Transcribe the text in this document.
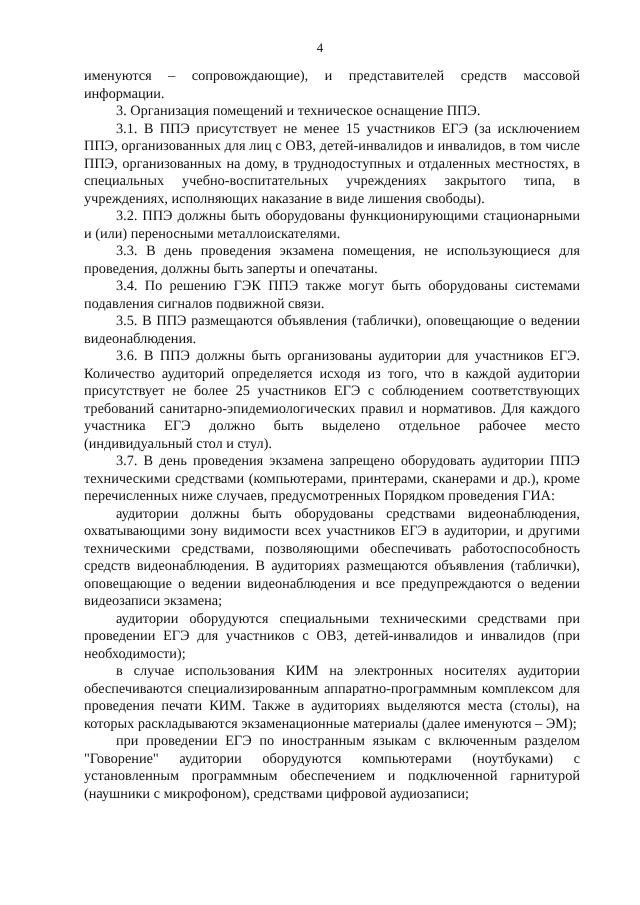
4

именуются – сопровождающие), и представителей средств массовой информации.

3. Организация помещений и техническое оснащение ППЭ.

3.1. В ППЭ присутствует не менее 15 участников ЕГЭ (за исключением ППЭ, организованных для лиц с ОВЗ, детей-инвалидов и инвалидов, в том числе ППЭ, организованных на дому, в труднодоступных и отдаленных местностях, в специальных учебно-воспитательных учреждениях закрытого типа, в учреждениях, исполняющих наказание в виде лишения свободы).

3.2. ППЭ должны быть оборудованы функционирующими стационарными и (или) переносными металлоискателями.

3.3. В день проведения экзамена помещения, не использующиеся для проведения, должны быть заперты и опечатаны.

3.4. По решению ГЭК ППЭ также могут быть оборудованы системами подавления сигналов подвижной связи.

3.5. В ППЭ размещаются объявления (таблички), оповещающие о ведении видеонаблюдения.

3.6. В ППЭ должны быть организованы аудитории для участников ЕГЭ. Количество аудиторий определяется исходя из того, что в каждой аудитории присутствует не более 25 участников ЕГЭ с соблюдением соответствующих требований санитарно-эпидемиологических правил и нормативов. Для каждого участника ЕГЭ должно быть выделено отдельное рабочее место (индивидуальный стол и стул).

3.7. В день проведения экзамена запрещено оборудовать аудитории ППЭ техническими средствами (компьютерами, принтерами, сканерами и др.), кроме перечисленных ниже случаев, предусмотренных Порядком проведения ГИА:

аудитории должны быть оборудованы средствами видеонаблюдения, охватывающими зону видимости всех участников ЕГЭ в аудитории, и другими техническими средствами, позволяющими обеспечивать работоспособность средств видеонаблюдения. В аудиториях размещаются объявления (таблички), оповещающие о ведении видеонаблюдения и все предупреждаются о ведении видеозаписи экзамена;

аудитории оборудуются специальными техническими средствами при проведении ЕГЭ для участников с ОВЗ, детей-инвалидов и инвалидов (при необходимости);

в случае использования КИМ на электронных носителях аудитории обеспечиваются специализированным аппаратно-программным комплексом для проведения печати КИМ. Также в аудиториях выделяются места (столы), на которых раскладываются экзаменационные материалы (далее именуются – ЭМ);

при проведении ЕГЭ по иностранным языкам с включенным разделом "Говорение" аудитории оборудуются компьютерами (ноутбуками) с установленным программным обеспечением и подключенной гарнитурой (наушники с микрофоном), средствами цифровой аудиозаписи;
